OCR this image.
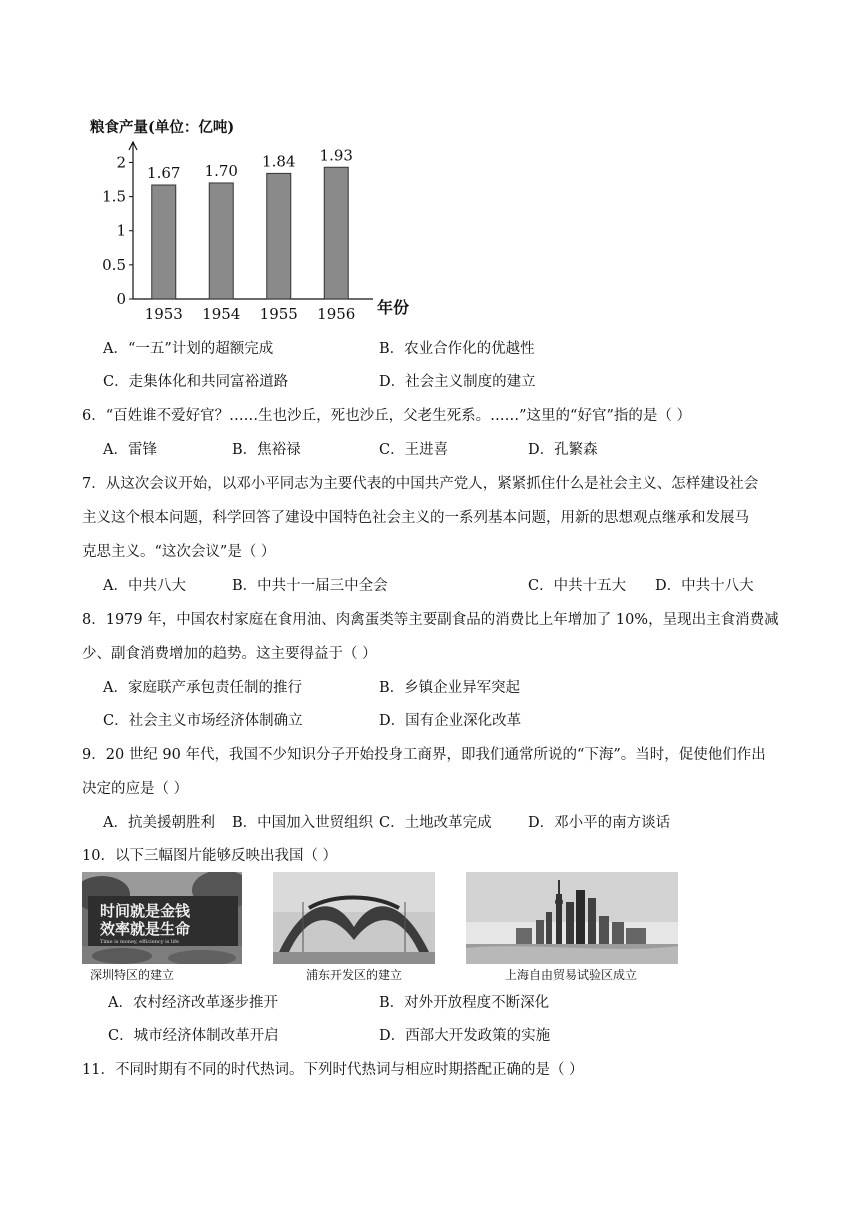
粮食产量(单位：亿吨)
0
0.5
1
1.5
2
1.67
1953
1.70
1954
1.84
1955
1.93
1956 年份
A．“一五”计划的超额完成	B．农业合作化的优越性
C．走集体化和共同富裕道路	D．社会主义制度的建立
6．“百姓谁不爱好官？……生也沙丘，死也沙丘，父老生死系。……”这里的“好官”指的是（ ）
A．雷锋	B．焦裕禄	C．王进喜	D．孔繁森
7．从这次会议开始，以邓小平同志为主要代表的中国共产党人，紧紧抓住什么是社会主义、怎样建设社会
主义这个根本问题，科学回答了建设中国特色社会主义的一系列基本问题，用新的思想观点继承和发展马
克思主义。“这次会议”是（ ）
A．中共八大	B．中共十一届三中全会	C．中共十五大 D．中共十八大
8．1979 年，中国农村家庭在食用油、肉禽蛋类等主要副食品的消费比上年增加了 10%，呈现出主食消费减
少、副食消费增加的趋势。这主要得益于（ ）
A．家庭联产承包责任制的推行	B．乡镇企业异军突起
C．社会主义市场经济体制确立	D．国有企业深化改革
9．20 世纪 90 年代，我国不少知识分子开始投身工商界，即我们通常所说的“下海”。当时，促使他们作出
决定的应是（ ）
A．抗美援朝胜利 B．中国加入世贸组织 C．土地改革完成	D．邓小平的南方谈话
10．以下三幅图片能够反映出我国（ ）
时间就是金钱
效率就是生命
Time is money, efficiency is life
深圳特区的建立	浦东开发区的建立	上海自由贸易试验区成立
A．农村经济改革逐步推开	B．对外开放程度不断深化
C．城市经济体制改革开启	D．西部大开发政策的实施
11．不同时期有不同的时代热词。下列时代热词与相应时期搭配正确的是（ ）
